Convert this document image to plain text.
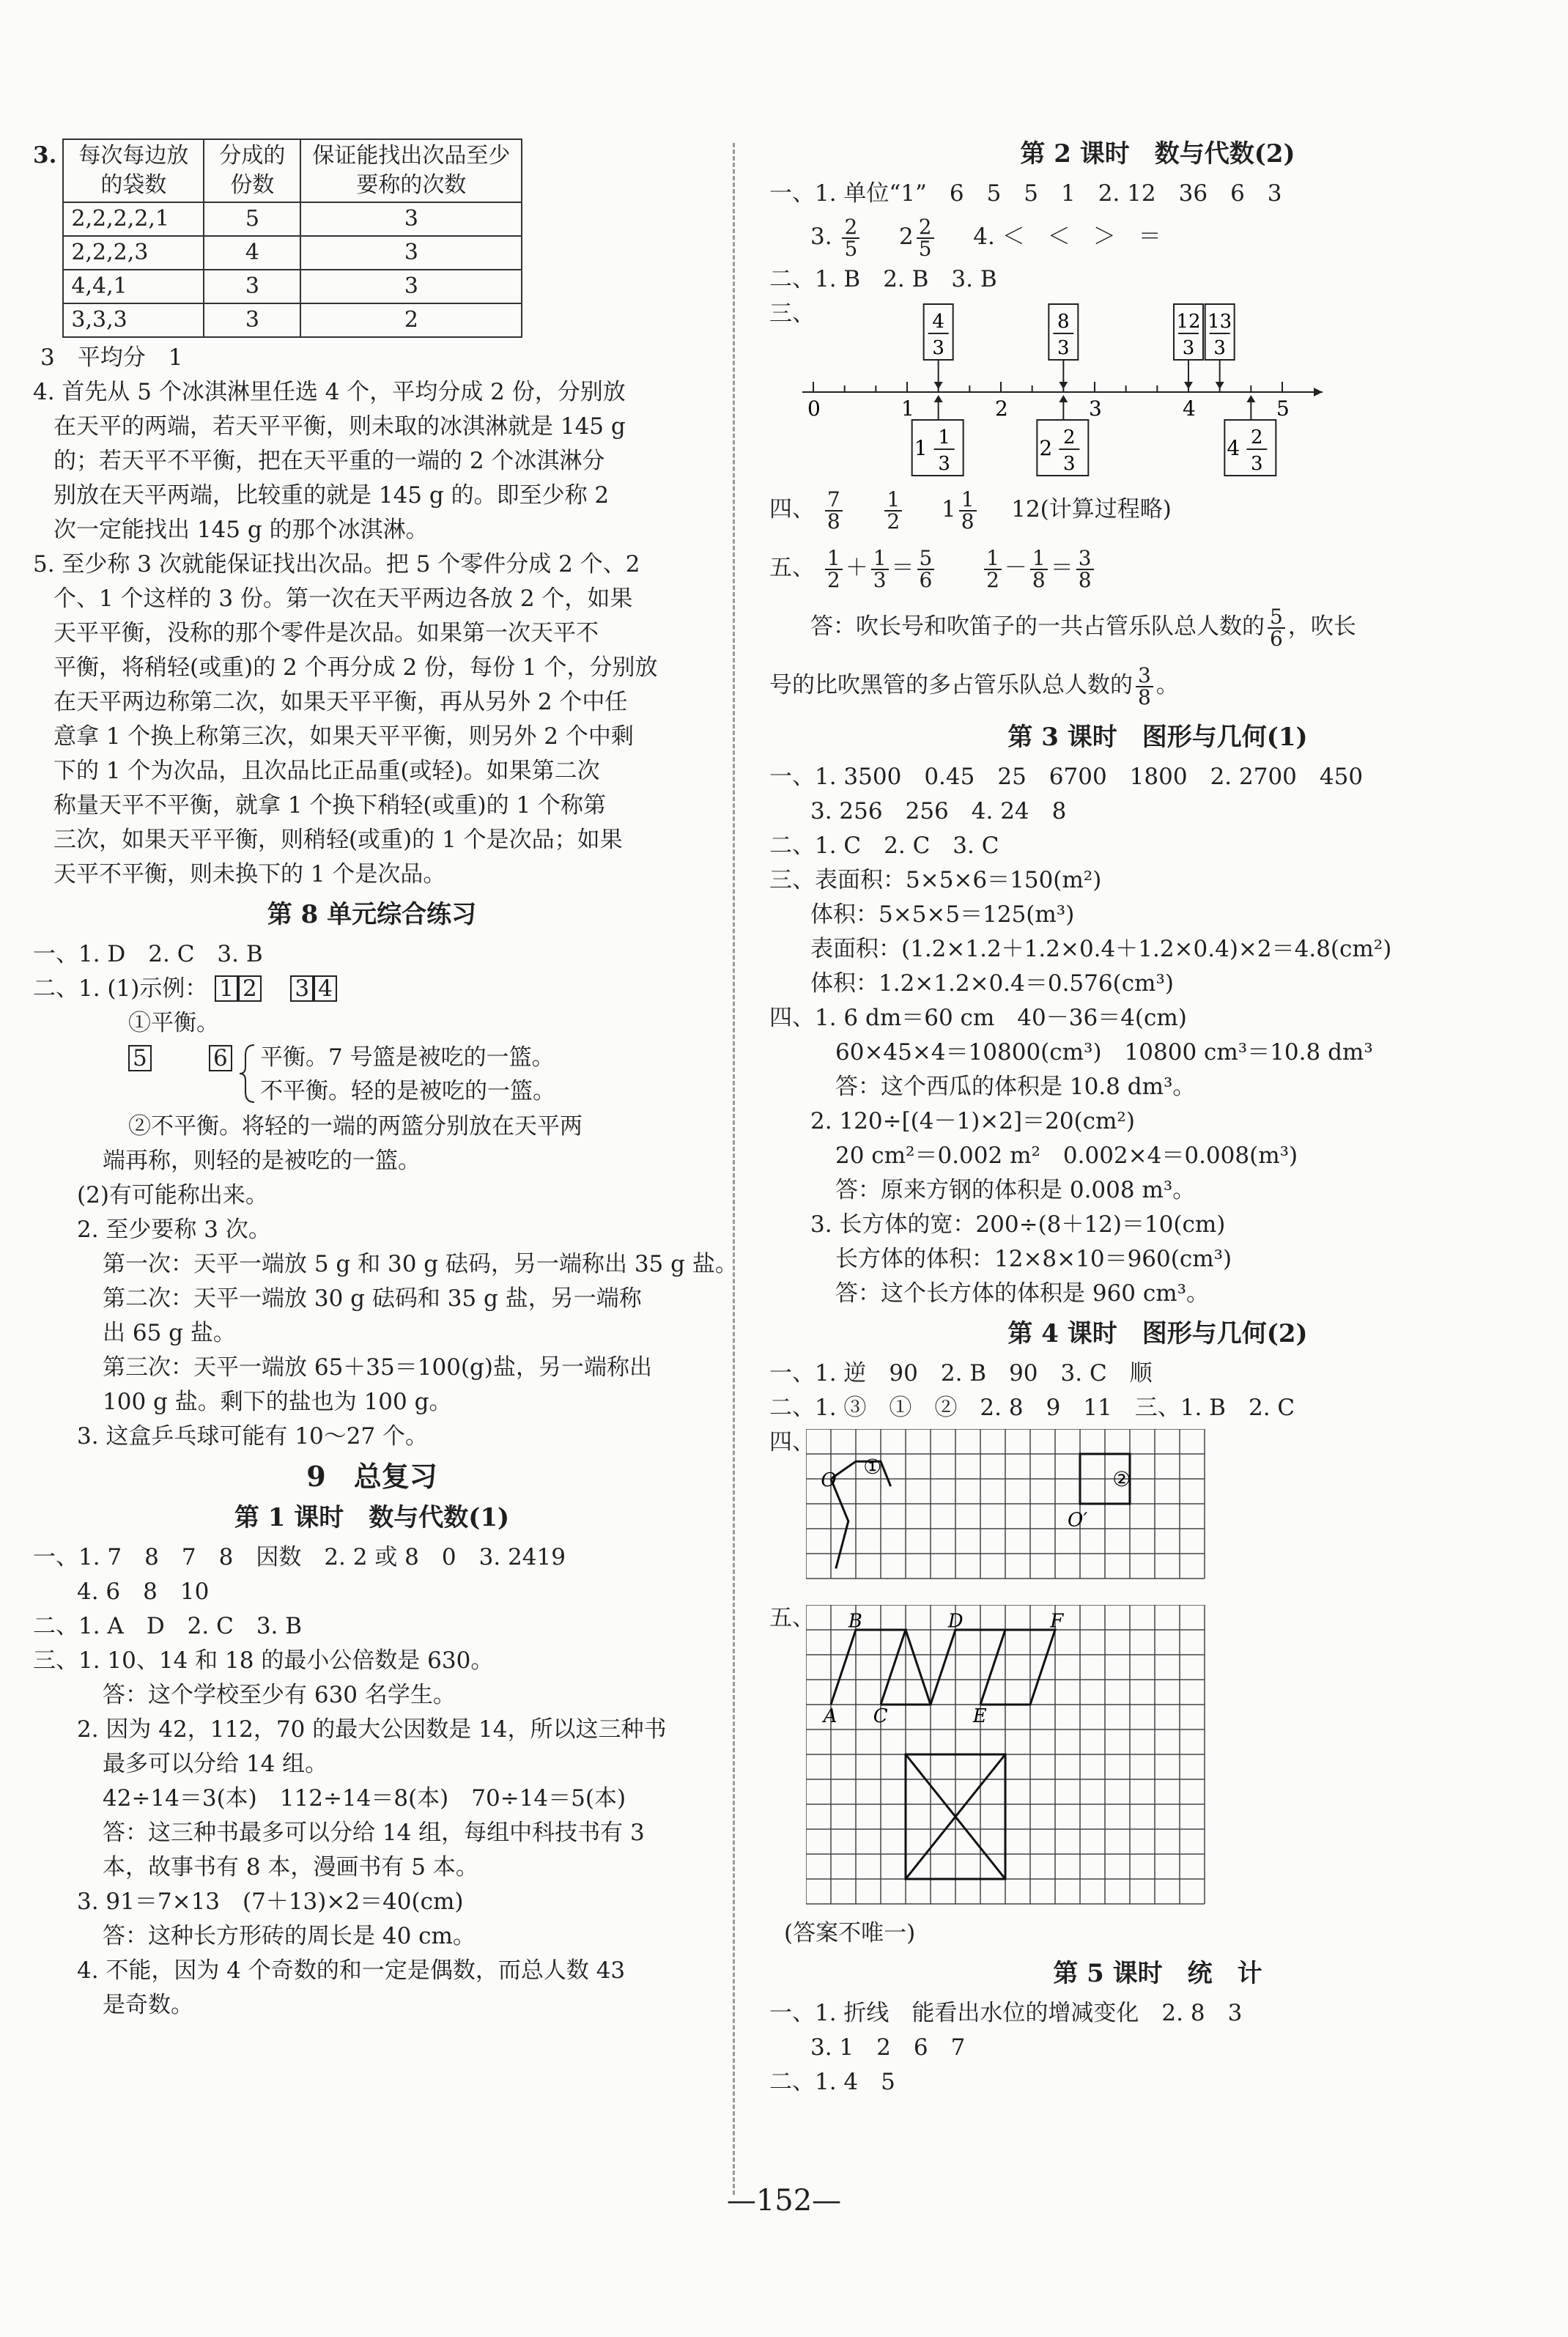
3. 每次每边放的袋数	分成的份数	保证能找出次品至少要称的次数
2,2,2,2,1	5	3
2,2,2,3	4	3
4,4,1	3	3
3,3,3	3	2
3　平均分　1
4. 首先从 5 个冰淇淋里任选 4 个，平均分成 2 份，分别放
在天平的两端，若天平平衡，则未取的冰淇淋就是 145 g
的；若天平不平衡，把在天平重的一端的 2 个冰淇淋分
别放在天平两端，比较重的就是 145 g 的。即至少称 2
次一定能找出 145 g 的那个冰淇淋。
5. 至少称 3 次就能保证找出次品。把 5 个零件分成 2 个、2
个、1 个这样的 3 份。第一次在天平两边各放 2 个，如果
天平平衡，没称的那个零件是次品。如果第一次天平不
平衡，将稍轻(或重)的 2 个再分成 2 份，每份 1 个，分别放
在天平两边称第二次，如果天平平衡，再从另外 2 个中任
意拿 1 个换上称第三次，如果天平平衡，则另外 2 个中剩
下的 1 个为次品，且次品比正品重(或轻)。如果第二次
称量天平不平衡，就拿 1 个换下稍轻(或重)的 1 个称第
三次，如果天平平衡，则稍轻(或重)的 1 个是次品；如果
天平不平衡，则未换下的 1 个是次品。
第 8 单元综合练习
一、1. D　2. C　3. B
二、1. (1)示例： 1 2 3 4
①平衡。
5	6 平衡。7 号篮是被吃的一篮。
不平衡。轻的是被吃的一篮。
②不平衡。将轻的一端的两篮分别放在天平两
端再称，则轻的是被吃的一篮。
(2)有可能称出来。
2. 至少要称 3 次。
第一次：天平一端放 5 g 和 30 g 砝码，另一端称出 35 g 盐。
第二次：天平一端放 30 g 砝码和 35 g 盐，另一端称
出 65 g 盐。
第三次：天平一端放 65＋35＝100(g)盐，另一端称出
100 g 盐。剩下的盐也为 100 g。
3. 这盒乒乓球可能有 10～27 个。
9　总复习
第 1 课时　数与代数(1)
一、1. 7　8　7　8　因数　2. 2 或 8　0　3. 2419
4. 6　8　10
二、1. A　D　2. C　3. B
三、1. 10、14 和 18 的最小公倍数是 630。
答：这个学校至少有 630 名学生。
2. 因为 42，112，70 的最大公因数是 14，所以这三种书
最多可以分给 14 组。
42÷14＝3(本)　112÷14＝8(本)　70÷14＝5(本)
答：这三种书最多可以分给 14 组，每组中科技书有 3
本，故事书有 8 本，漫画书有 5 本。
3. 91＝7×13　(7＋13)×2＝40(cm)
答：这种长方形砖的周长是 40 cm。
4. 不能，因为 4 个奇数的和一定是偶数，而总人数 43
是奇数。
第 2 课时　数与代数(2)
一、1. 单位“1”　6　5　5　1　2. 12　36　6　3
3. $\frac{2}{5} 2 \frac{2}{5} 4$. ＜　＜　＞　＝
二、1. B　2. B　3. B
三、
0	1	2	3	4	5
4
3
8
3
12
3
13
3
1 1
3
2 2
3
4 2
3
四、 $\frac{7}{8}$
$\frac{1}{2} 1 \frac{1}{8} 12$(计算过程略)
五、 $\frac{1}{2} + \frac{1}{3} = \frac{5}{6}$
$\frac{1}{2} - \frac{1}{8} = \frac{3}{8}$
答：吹长号和吹笛子的一共占管乐队总人数的 $\frac{5}{6}$ ，吹长
号的比吹黑管的多占管乐队总人数的 $\frac{3}{8}$ 。
第 3 课时　图形与几何(1)
一、1. 3500　0.45　25　6700　1800　2. 2700　450
3. 256　256　4. 24　8
二、1. C　2. C　3. C
三、表面积：5×5×6＝150(m²)
体积：5×5×5＝125(m³)
表面积：(1.2×1.2＋1.2×0.4＋1.2×0.4)×2＝4.8(cm²)
体积：1.2×1.2×0.4＝0.576(cm³)
四、1. 6 dm＝60 cm　40－36＝4(cm)
60×45×4＝10800(cm³)　10800 cm³＝10.8 dm³
答：这个西瓜的体积是 10.8 dm³。
2. 120÷[(4－1)×2]＝20(cm²)
20 cm²＝0.002 m²　0.002×4＝0.008(m³)
答：原来方钢的体积是 0.008 m³。
3. 长方体的宽：200÷(8＋12)＝10(cm)
长方体的体积：12×8×10＝960(cm³)
答：这个长方体的体积是 960 cm³。
第 4 课时　图形与几何(2)
一、1. 逆　90　2. B　90　3. C　顺
二、1. ③　①　②　2. 8　9　11　三、1. B　2. C
四、
①
②
O
O′
五、
A
B
C
D
E
F
(答案不唯一)
第 5 课时　统　计
一、1. 折线　能看出水位的增减变化　2. 8　3
3. 1　2　6　7
二、1. 4　5
—152—
